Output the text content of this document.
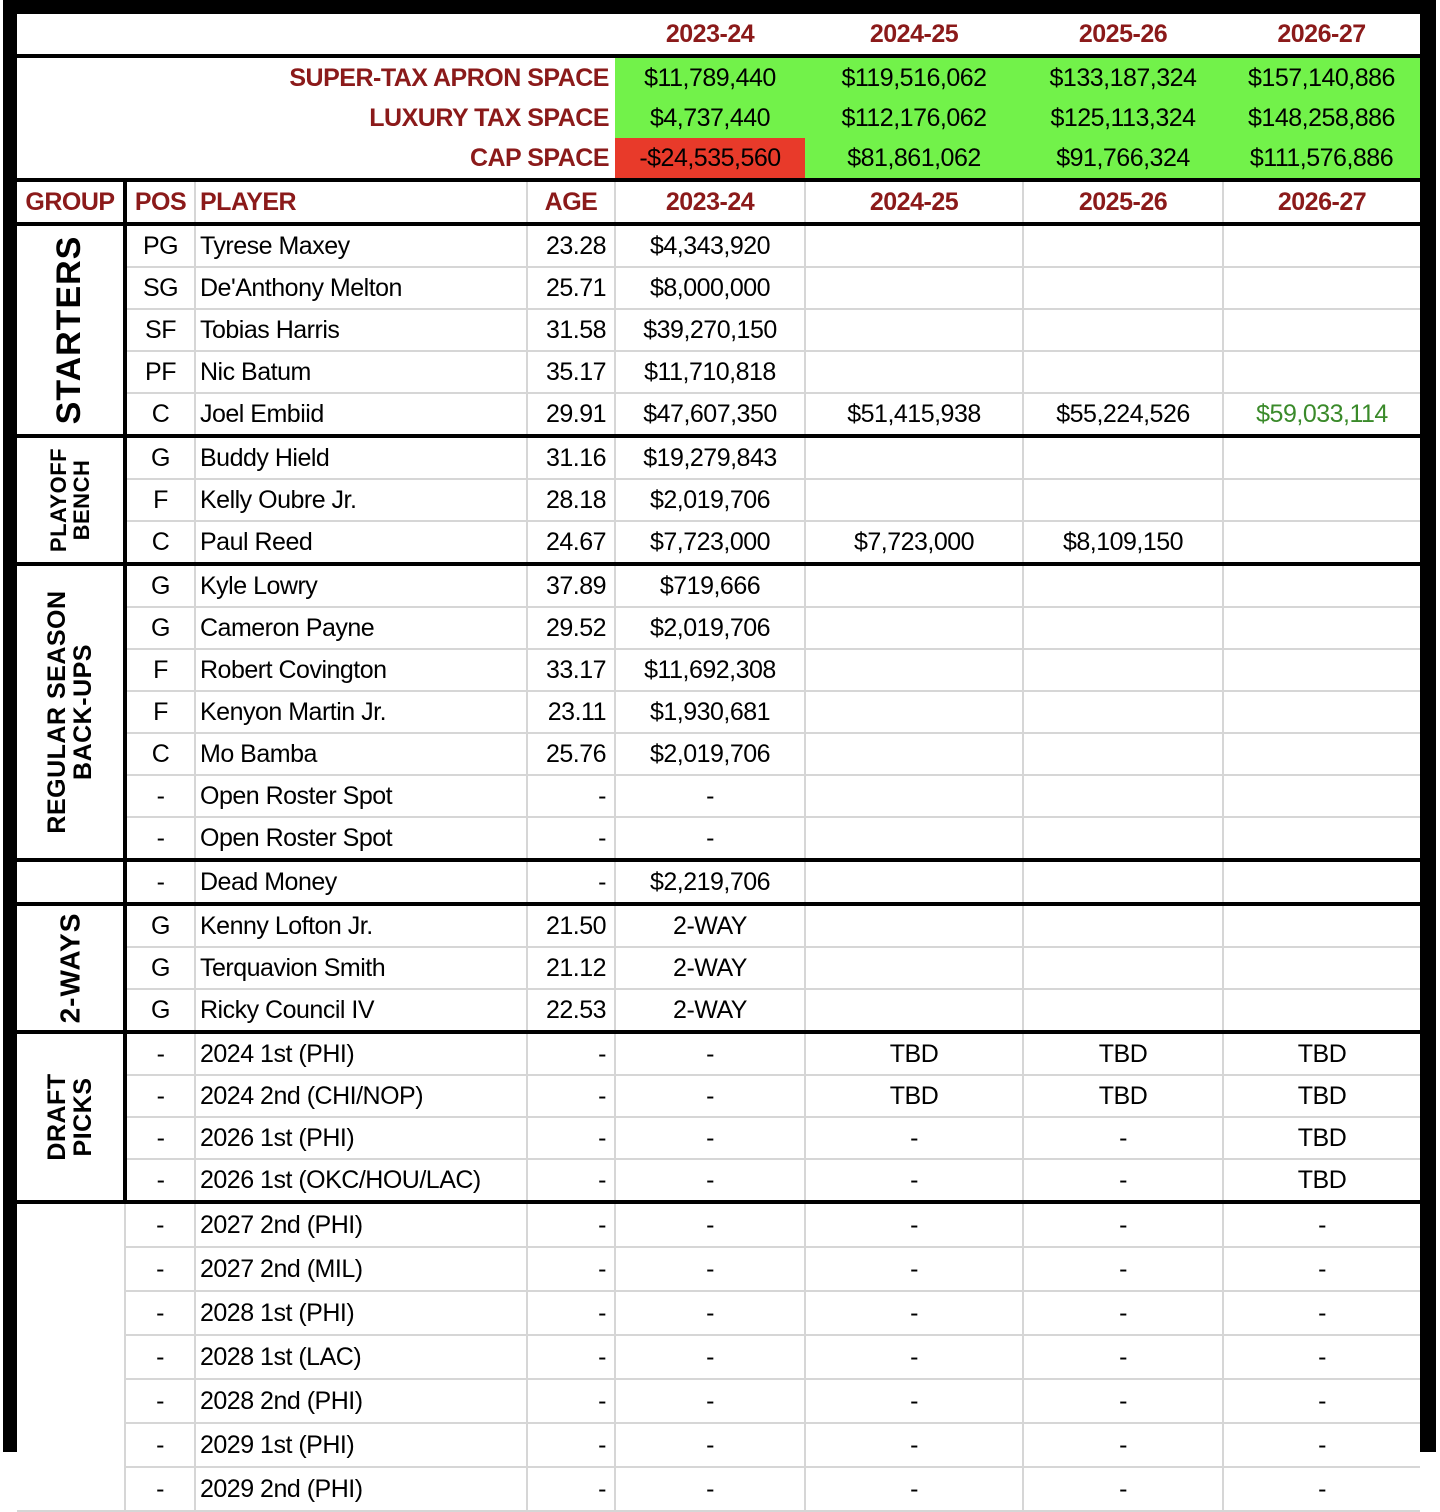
				2023-24	2024-25	2025-26	2026-27
SUPER-TAX APRON SPACE				$11,789,440	$119,516,062	$133,187,324	$157,140,886
LUXURY TAX SPACE				$4,737,440	$112,176,062	$125,113,324	$148,258,886
CAP SPACE				-$24,535,560	$81,861,062	$91,766,324	$111,576,886
GROUP	POS	PLAYER	AGE	2023-24	2024-25	2025-26	2026-27

STARTERS	PG	Tyrese Maxey	23.28	$4,343,920			
	SG	De'Anthony Melton	25.71	$8,000,000			
	SF	Tobias Harris	31.58	$39,270,150			
	PF	Nic Batum	35.17	$11,710,818			
	C	Joel Embiid	29.91	$47,607,350	$51,415,938	$55,224,526	$59,033,114

PLAYOFF
BENCH	G	Buddy Hield	31.16	$19,279,843			
	F	Kelly Oubre Jr.	28.18	$2,019,706			
	C	Paul Reed	24.67	$7,723,000	$7,723,000	$8,109,150	

REGULAR SEASON
BACK-UPS	G	Kyle Lowry	37.89	$719,666			
	G	Cameron Payne	29.52	$2,019,706			
	F	Robert Covington	33.17	$11,692,308			
	F	Kenyon Martin Jr.	23.11	$1,930,681			
	C	Mo Bamba	25.76	$2,019,706			
	-	Open Roster Spot	-	-			
	-	Open Roster Spot	-	-			
	-	Dead Money	-	$2,219,706			

2-WAYS	G	Kenny Lofton Jr.	21.50	2-WAY			
	G	Terquavion Smith	21.12	2-WAY			
	G	Ricky Council IV	22.53	2-WAY			

DRAFT
PICKS	-	2024 1st (PHI)	-	-	TBD	TBD	TBD
	-	2024 2nd (CHI/NOP)	-	-	TBD	TBD	TBD
	-	2026 1st (PHI)	-	-	-	-	TBD
	-	2026 1st (OKC/HOU/LAC)	-	-	-	-	TBD
	-	2027 2nd (PHI)	-	-	-	-	-
	-	2027 2nd (MIL)	-	-	-	-	-
	-	2028 1st (PHI)	-	-	-	-	-
	-	2028 1st (LAC)	-	-	-	-	-
	-	2028 2nd (PHI)	-	-	-	-	-
	-	2029 1st (PHI)	-	-	-	-	-
	-	2029 2nd (PHI)	-	-	-	-	-
